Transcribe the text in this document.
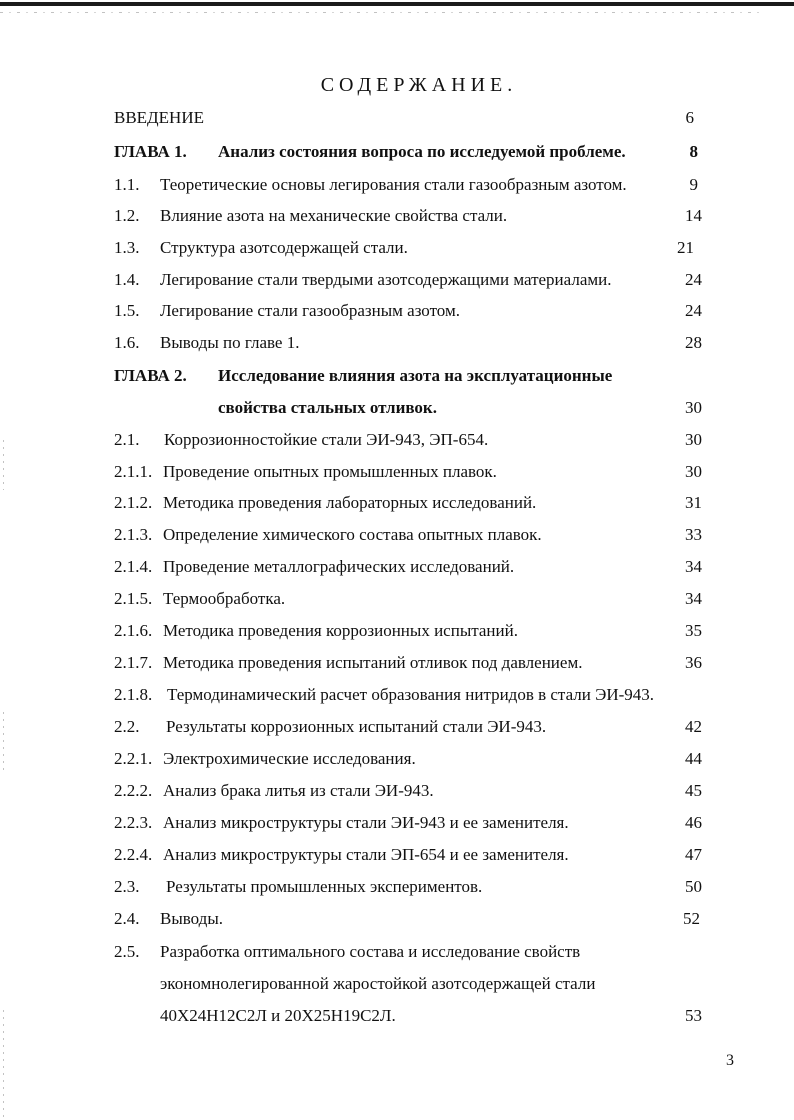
СОДЕРЖАНИЕ.
ВВЕДЕНИЕ	6
ГЛАВА 1. Анализ состояния вопроса по исследуемой проблеме.	8
1.1. Теоретические основы легирования стали газообразным азотом.	9
1.2. Влияние азота на механические свойства стали.	14
1.3. Структура азотсодержащей стали.	21
1.4. Легирование стали твердыми азотсодержащими материалами.	24
1.5. Легирование стали газообразным азотом.	24
1.6. Выводы по главе 1.	28
ГЛАВА 2. Исследование влияния азота на эксплуатационные
свойства стальных отливок.	30
2.1. Коррозионностойкие стали ЭИ-943, ЭП-654.	30
2.1.1. Проведение опытных промышленных плавок.	30
2.1.2. Методика проведения лабораторных исследований.	31
2.1.3. Определение химического состава опытных плавок.	33
2.1.4. Проведение металлографических исследований.	34
2.1.5. Термообработка.	34
2.1.6. Методика проведения коррозионных испытаний.	35
2.1.7. Методика проведения испытаний отливок под давлением.	36
2.1.8. Термодинамический расчет образования нитридов в стали ЭИ-943.
2.2. Результаты коррозионных испытаний стали ЭИ-943.	42
2.2.1. Электрохимические исследования.	44
2.2.2. Анализ брака литья из стали ЭИ-943.	45
2.2.3. Анализ микроструктуры стали ЭИ-943 и ее заменителя.	46
2.2.4. Анализ микроструктуры стали ЭП-654 и ее заменителя.	47
2.3. Результаты промышленных экспериментов.	50
2.4. Выводы.	52
2.5. Разработка оптимального состава и исследование свойств
экономнолегированной жаростойкой азотсодержащей стали
40Х24Н12С2Л и 20Х25Н19С2Л.	53
3
